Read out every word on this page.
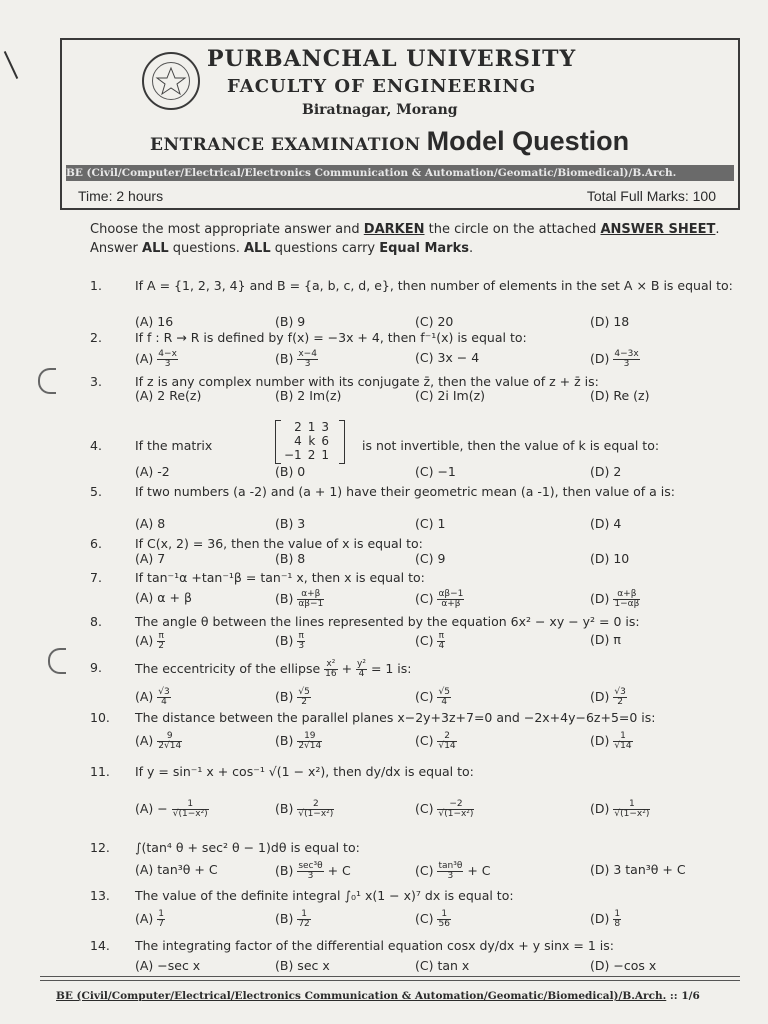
PURBANCHAL UNIVERSITY
FACULTY OF ENGINEERING
Biratnagar, Morang
ENTRANCE EXAMINATION Model Question
BE (Civil/Computer/Electrical/Electronics Communication & Automation/Geomatic/Biomedical)/B.Arch.
Time: 2 hours	Total Full Marks: 100
Choose the most appropriate answer and DARKEN the circle on the attached ANSWER SHEET. Answer ALL questions. ALL questions carry Equal Marks.
1.	If A = {1, 2, 3, 4} and B = {a, b, c, d, e}, then number of elements in the set A × B is equal to:
(A) 16	(B) 9	(C) 20	(D) 18
2.	If f : R → R is defined by f(x) = −3x + 4, then f⁻¹(x) is equal to:
$(A) \frac{4-x}{3}$	$(B) \frac{x-4}{3}$	(C) 3x − 4	$(D) \frac{4-3x}{3}$
3.	If z is any complex number with its conjugate z̄, then the value of z + z̄ is:
(A) 2 Re(z)	(B) 2 Im(z)	(C) 2i Im(z)	(D) Re (z)
4.	If the matrix
2	1	3
4	k	6
−1	2	1
is not invertible, then the value of k is equal to:
(A) -2	(B) 0	(C) −1	(D) 2
5.	If two numbers (a -2) and (a + 1) have their geometric mean (a -1), then value of a is:
(A) 8	(B) 3	(C) 1	(D) 4
6.	If C(x, 2) = 36, then the value of x is equal to:
(A) 7	(B) 8	(C) 9	(D) 10
7.	If tan⁻¹α +tan⁻¹β = tan⁻¹ x, then x is equal to:
(A) α + β	$(B) \frac{\alpha+\beta}{\alpha\beta-1}$	$(C) \frac{\alpha\beta-1}{\alpha+\beta}$	$(D) \frac{\alpha+\beta}{1-\alpha\beta}$
8.	The angle θ between the lines represented by the equation 6x² − xy − y² = 0 is:
$(A) \frac{\pi}{2}$	$(B) \frac{\pi}{3}$	$(C) \frac{\pi}{4}$	(D) π
9.	The eccentricity of the ellipse $\frac{\text{x²}}{16} + \frac{\text{y²}}{4} = 1$ is:
$(A) \frac{√3}{4}$	$(B) \frac{√5}{2}$	$(C) \frac{√5}{4}$	$(D) \frac{√3}{2}$
10.	The distance between the parallel planes x−2y+3z+7=0 and −2x+4y−6z+5=0 is:
$(A) \frac{9}{2√14}$	$(B) \frac{19}{2√14}$	$(C) \frac{2}{√14}$	$(D) \frac{1}{√14}$
11.	If y = sin⁻¹ x + cos⁻¹ √(1 − x²), then dy/dx is equal to:
$(A) - \frac{1}{\text{√(1−x²)}}$	$(B) \frac{2}{\text{√(1−x²)}}$	$(C) \frac{-2}{\text{√(1−x²)}}$	$(D) \frac{1}{\text{√(1−x²)}}$
12.	∫(tan⁴ θ + sec² θ − 1)dθ is equal to:
(A) tan³θ + C	$(B) \frac{\text{sec³θ}}{3} + C$	$(C) \frac{\text{tan³θ}}{3} + C$	(D) 3 tan³θ + C
13.	The value of the definite integral ∫₀¹ x(1 − x)⁷ dx is equal to:
$(A) \frac{1}{7}$	$(B) \frac{1}{72}$	$(C) \frac{1}{56}$	$(D) \frac{1}{8}$
14.	The integrating factor of the differential equation cosx dy/dx + y sinx = 1 is:
(A) −sec x	(B) sec x	(C) tan x	(D) −cos x
BE (Civil/Computer/Electrical/Electronics Communication & Automation/Geomatic/Biomedical)/B.Arch. :: 1/6
